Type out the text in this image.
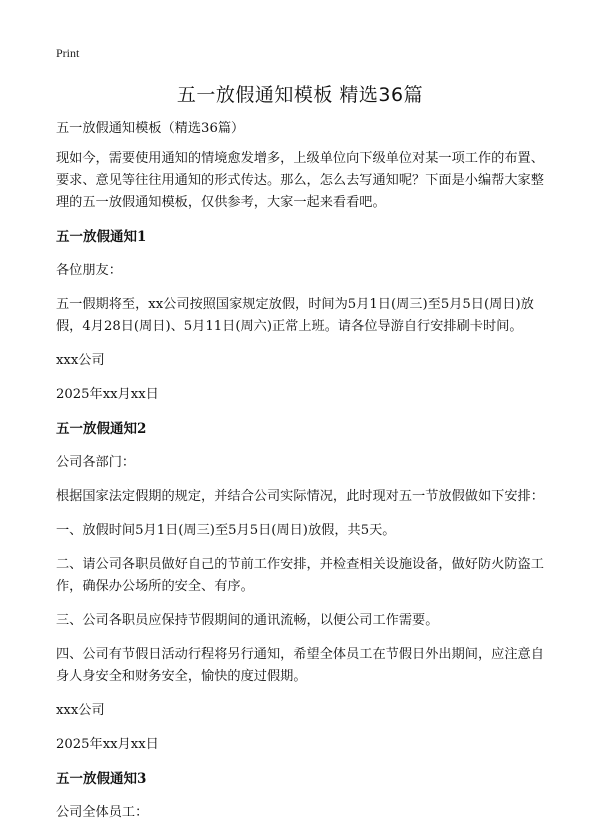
Print
五一放假通知模板 精选36篇

五一放假通知模板（精选36篇）

现如今，需要使用通知的情境愈发增多，上级单位向下级单位对某一项工作的布置、要求、意见等往往用通知的形式传达。那么，怎么去写通知呢？下面是小编帮大家整理的五一放假通知模板，仅供参考，大家一起来看看吧。

五一放假通知1

各位朋友：

五一假期将至，xx公司按照国家规定放假，时间为5月1日(周三)至5月5日(周日)放假，4月28日(周日)、5月11日(周六)正常上班。请各位导游自行安排刷卡时间。

xxx公司

2025年xx月xx日

五一放假通知2

公司各部门：

根据国家法定假期的规定，并结合公司实际情况，此时现对五一节放假做如下安排：

一、放假时间5月1日(周三)至5月5日(周日)放假，共5天。

二、请公司各职员做好自己的节前工作安排，并检查相关设施设备，做好防火防盗工作，确保办公场所的安全、有序。

三、公司各职员应保持节假期间的通讯流畅，以便公司工作需要。

四、公司有节假日活动行程将另行通知，希望全体员工在节假日外出期间，应注意自身人身安全和财务安全，愉快的度过假期。

xxx公司

2025年xx月xx日

五一放假通知3

公司全体员工：
